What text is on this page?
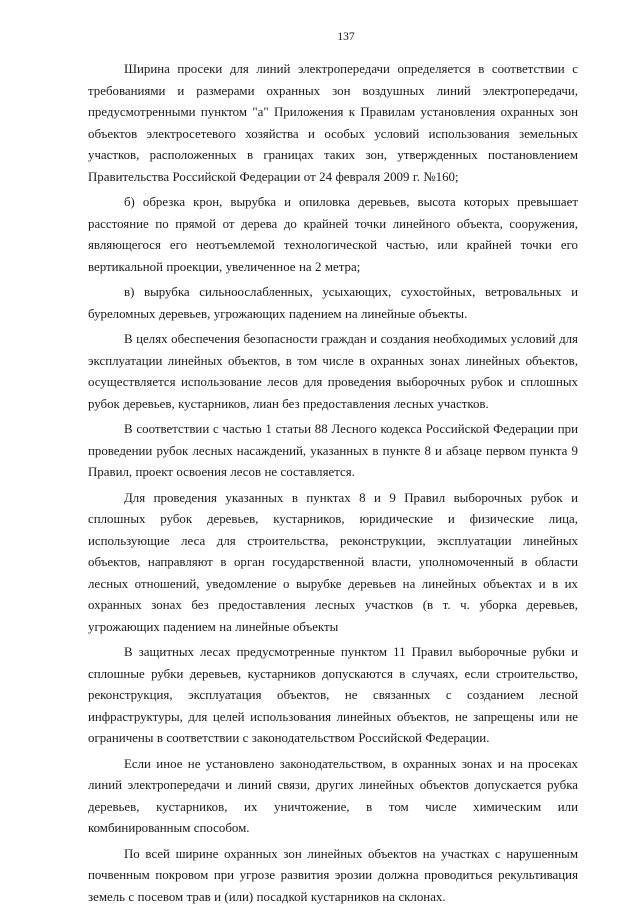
137

Ширина просеки для линий электропередачи определяется в соответствии с требованиями и размерами охранных зон воздушных линий электропередачи, предусмотренными пунктом "а" Приложения к Правилам установления охранных зон объектов электросетевого хозяйства и особых условий использования земельных участков, расположенных в границах таких зон, утвержденных постановлением Правительства Российской Федерации от 24 февраля 2009 г. №160;

б) обрезка крон, вырубка и опиловка деревьев, высота которых превышает расстояние по прямой от дерева до крайней точки линейного объекта, сооружения, являющегося его неотъемлемой технологической частью, или крайней точки его вертикальной проекции, увеличенное на 2 метра;

в) вырубка сильноослабленных, усыхающих, сухостойных, ветровальных и буреломных деревьев, угрожающих падением на линейные объекты.

В целях обеспечения безопасности граждан и создания необходимых условий для эксплуатации линейных объектов, в том числе в охранных зонах линейных объектов, осуществляется использование лесов для проведения выборочных рубок и сплошных рубок деревьев, кустарников, лиан без предоставления лесных участков.

В соответствии с частью 1 статьи 88 Лесного кодекса Российской Федерации при проведении рубок лесных насаждений, указанных в пункте 8 и абзаце первом пункта 9 Правил, проект освоения лесов не составляется.

Для проведения указанных в пунктах 8 и 9 Правил выборочных рубок и сплошных рубок деревьев, кустарников, юридические и физические лица, использующие леса для строительства, реконструкции, эксплуатации линейных объектов, направляют в орган государственной власти, уполномоченный в области лесных отношений, уведомление о вырубке деревьев на линейных объектах и в их охранных зонах без предоставления лесных участков (в т. ч. уборка деревьев, угрожающих падением на линейные объекты

В защитных лесах предусмотренные пунктом 11 Правил выборочные рубки и сплошные рубки деревьев, кустарников допускаются в случаях, если строительство, реконструкция, эксплуатация объектов, не связанных с созданием лесной инфраструктуры, для целей использования линейных объектов, не запрещены или не ограничены в соответствии с законодательством Российской Федерации.

Если иное не установлено законодательством, в охранных зонах и на просеках линий электропередачи и линий связи, других линейных объектов допускается рубка деревьев, кустарников, их уничтожение, в том числе химическим или комбинированным способом.

По всей ширине охранных зон линейных объектов на участках с нарушенным почвенным покровом при угрозе развития эрозии должна проводиться рекультивация земель с посевом трав и (или) посадкой кустарников на склонах.
